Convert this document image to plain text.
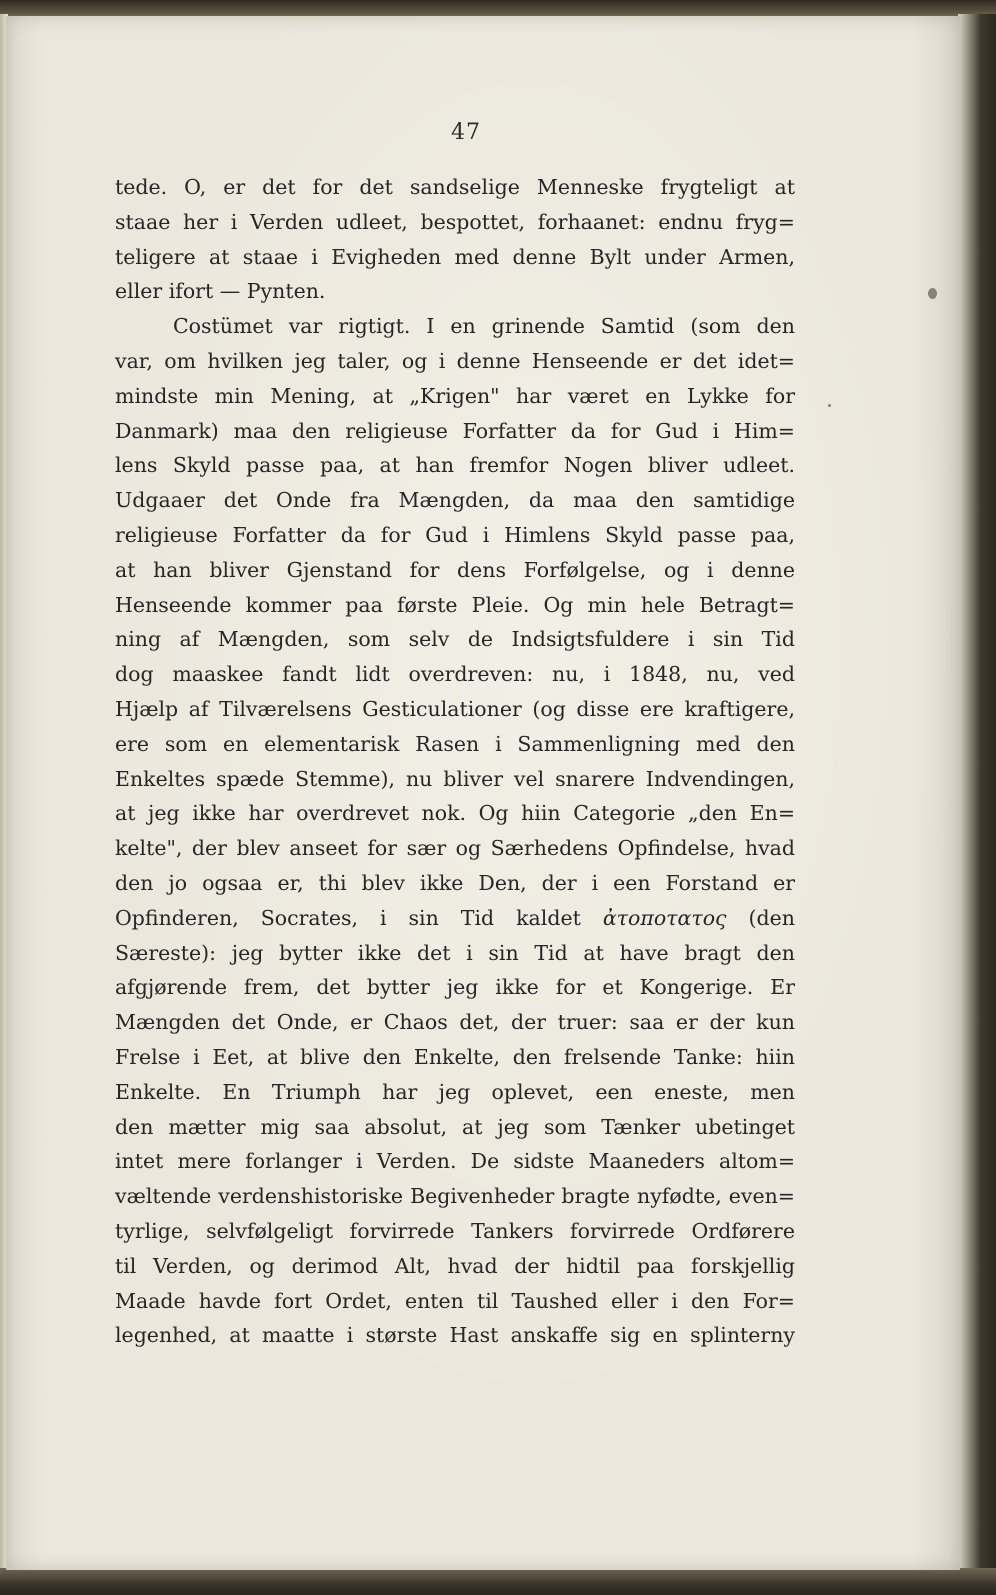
47
tede. O, er det for det sandselige Menneske frygteligt at
staae her i Verden udleet, bespottet, forhaanet: endnu fryg=
teligere at staae i Evigheden med denne Bylt under Armen,
eller ifort — Pynten.
Costümet var rigtigt. I en grinende Samtid (som den
var, om hvilken jeg taler, og i denne Henseende er det idet=
mindste min Mening, at „Krigen" har været en Lykke for
Danmark) maa den religieuse Forfatter da for Gud i Him=
lens Skyld passe paa, at han fremfor Nogen bliver udleet.
Udgaaer det Onde fra Mængden, da maa den samtidige
religieuse Forfatter da for Gud i Himlens Skyld passe paa,
at han bliver Gjenstand for dens Forfølgelse, og i denne
Henseende kommer paa første Pleie. Og min hele Betragt=
ning af Mængden, som selv de Indsigtsfuldere i sin Tid
dog maaskee fandt lidt overdreven: nu, i 1848, nu, ved
Hjælp af Tilværelsens Gesticulationer (og disse ere kraftigere,
ere som en elementarisk Rasen i Sammenligning med den
Enkeltes spæde Stemme), nu bliver vel snarere Indvendingen,
at jeg ikke har overdrevet nok. Og hiin Categorie „den En=
kelte", der blev anseet for sær og Særhedens Opfindelse, hvad
den jo ogsaa er, thi blev ikke Den, der i een Forstand er
Opfinderen, Socrates, i sin Tid kaldet ἀτοποτατος (den
Særeste): jeg bytter ikke det i sin Tid at have bragt den
afgjørende frem, det bytter jeg ikke for et Kongerige. Er
Mængden det Onde, er Chaos det, der truer: saa er der kun
Frelse i Eet, at blive den Enkelte, den frelsende Tanke: hiin
Enkelte. En Triumph har jeg oplevet, een eneste, men
den mætter mig saa absolut, at jeg som Tænker ubetinget
intet mere forlanger i Verden. De sidste Maaneders altom=
væltende verdenshistoriske Begivenheder bragte nyfødte, even=
tyrlige, selvfølgeligt forvirrede Tankers forvirrede Ordførere
til Verden, og derimod Alt, hvad der hidtil paa forskjellig
Maade havde fort Ordet, enten til Taushed eller i den For=
legenhed, at maatte i største Hast anskaffe sig en splinterny
